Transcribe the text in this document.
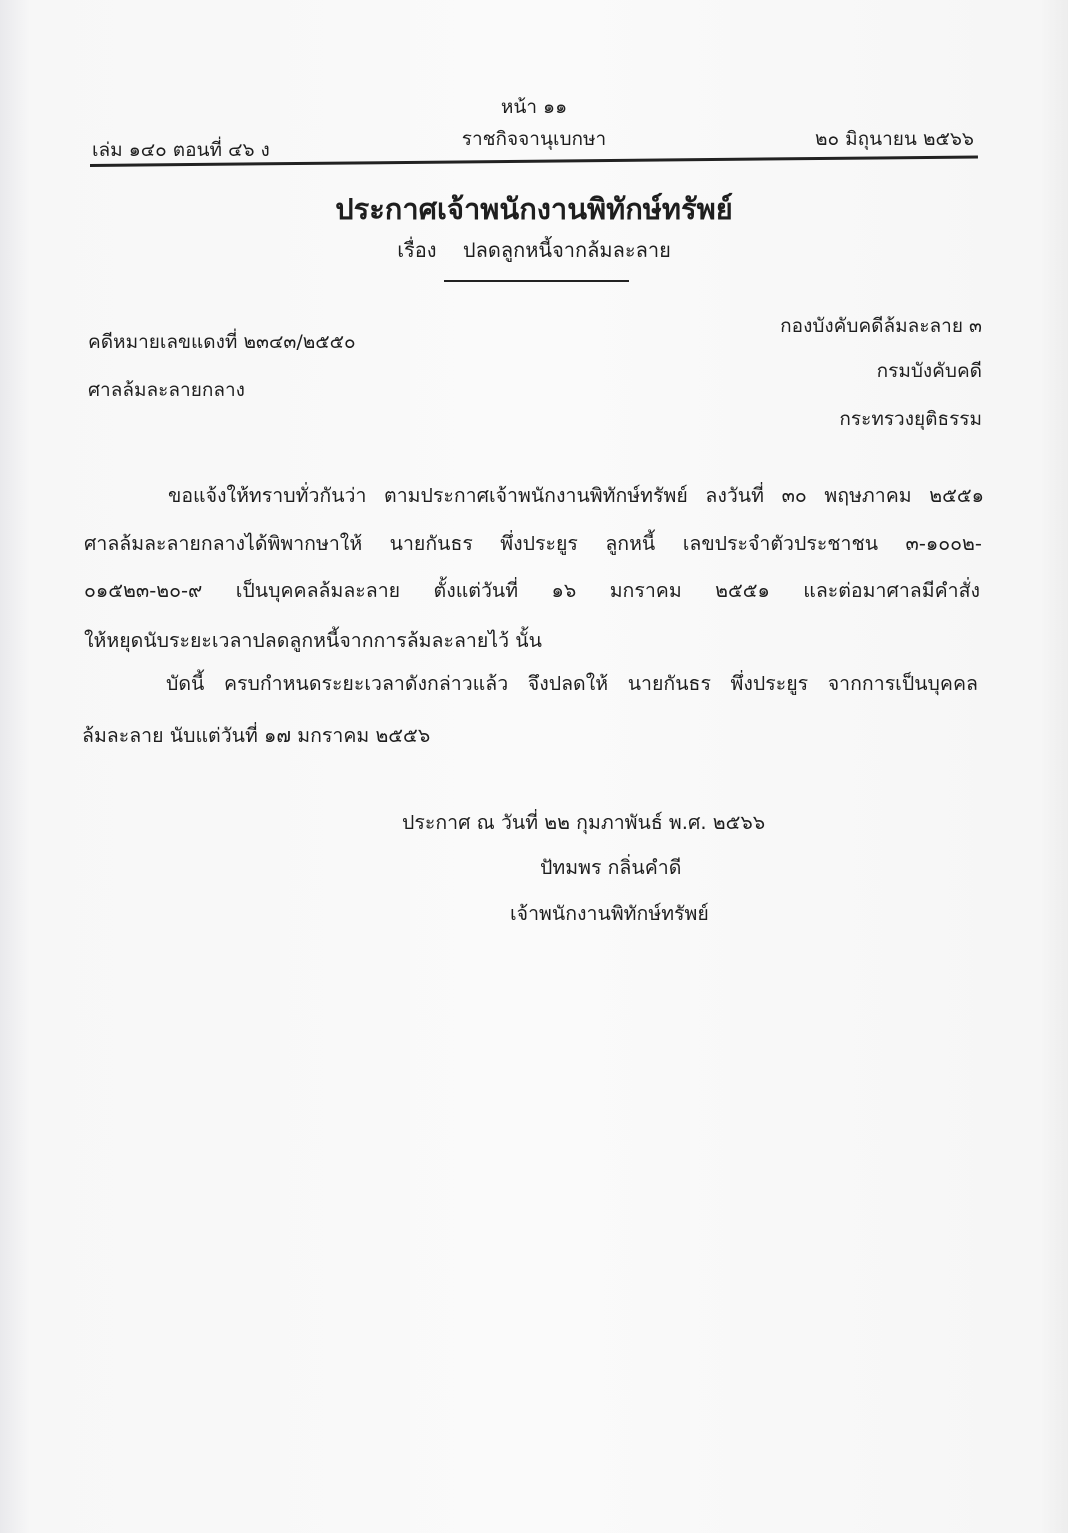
หน้า ๑๑
เล่ม ๑๔๐ ตอนที่ ๔๖ ง	ราชกิจจานุเบกษา	๒๐ มิถุนายน ๒๕๖๖
ประกาศเจ้าพนักงานพิทักษ์ทรัพย์
เรื่อง ปลดลูกหนี้จากล้มละลาย
คดีหมายเลขแดงที่ ๒๓๔๓/๒๕๕๐
ศาลล้มละลายกลาง
กองบังคับคดีล้มละลาย ๓
กรมบังคับคดี
กระทรวงยุติธรรม
ขอแจ้งให้ทราบทั่วกันว่า ตามประกาศเจ้าพนักงานพิทักษ์ทรัพย์ ลงวันที่ ๓๐ พฤษภาคม ๒๕๕๑
ศาลล้มละลายกลางได้พิพากษาให้ นายกันธร พึ่งประยูร ลูกหนี้ เลขประจำตัวประชาชน ๓-๑๐๐๒-
๐๑๕๒๓-๒๐-๙ เป็นบุคคลล้มละลาย ตั้งแต่วันที่ ๑๖ มกราคม ๒๕๕๑ และต่อมาศาลมีคำสั่ง
ให้หยุดนับระยะเวลาปลดลูกหนี้จากการล้มละลายไว้ นั้น
บัดนี้ ครบกำหนดระยะเวลาดังกล่าวแล้ว จึงปลดให้ นายกันธร พึ่งประยูร จากการเป็นบุคคล
ล้มละลาย นับแต่วันที่ ๑๗ มกราคม ๒๕๕๖
ประกาศ ณ วันที่ ๒๒ กุมภาพันธ์ พ.ศ. ๒๕๖๖
ปัทมพร กลิ่นคำดี
เจ้าพนักงานพิทักษ์ทรัพย์
